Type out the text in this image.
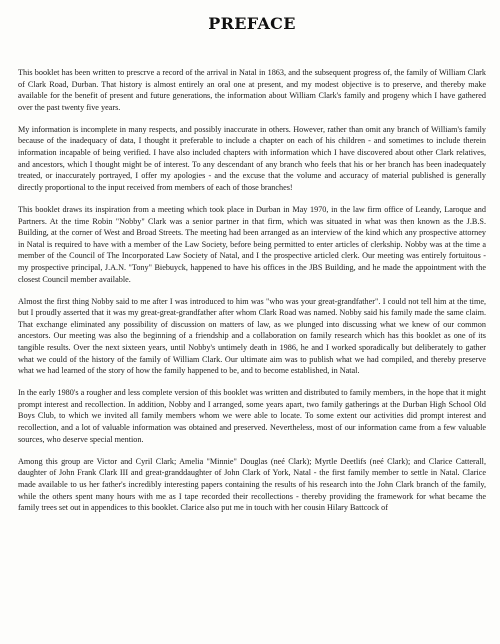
PREFACE

This booklet has been written to prescrve a record of the arrival in Natal in 1863, and the subsequent progress of, the family of William Clark of Clark Road, Durban. That history is almost entirely an oral one at present, and my modest objective is to preserve, and thereby make available for the benefit of present and future generations, the information about William Clark's family and progeny which I have gathered over the past twenty five years.

My information is incomplete in many respects, and possibly inaccurate in others. However, rather than omit any branch of William's family because of the inadequacy of data, I thought it preferable to include a chapter on each of his children - and sometimes to include therein information incapable of being verified. I have also included chapters with information which I have discovered about other Clark relatives, and ancestors, which I thought might be of interest. To any descendant of any branch who feels that his or her branch has been inadequately treated, or inaccurately portrayed, I offer my apologies - and the excuse that the volume and accuracy of material published is generally directly proportional to the input received from members of each of those branches!

This booklet draws its inspiration from a meeting which took place in Durban in May 1970, in the law firm office of Leandy, Laroque and Partners. At the time Robin "Nobby" Clark was a senior partner in that firm, which was situated in what was then known as the J.B.S. Building, at the corner of West and Broad Streets. The meeting had been arranged as an interview of the kind which any prospective attorney in Natal is required to have with a member of the Law Society, before being permitted to enter articles of clerkship. Nobby was at the time a member of the Council of The Incorporated Law Society of Natal, and I the prospective articled clerk. Our meeting was entirely fortuitous - my prospective principal, J.A.N. "Tony" Biebuyck, happened to have his offices in the JBS Building, and he made the appointment with the closest Council member available.

Almost the first thing Nobby said to me after I was introduced to him was "who was your great-grandfather". I could not tell him at the time, but I proudly asserted that it was my great-great-grandfather after whom Clark Road was named. Nobby said his family made the same claim. That exchange eliminated any possibility of discussion on matters of law, as we plunged into discussing what we knew of our common ancestors. Our meeting was also the beginning of a friendship and a collaboration on family research which has this booklet as one of its tangible results. Over the next sixteen years, until Nobby's untimely death in 1986, he and I worked sporadically but deliberately to gather what we could of the history of the family of William Clark. Our ultimate aim was to publish what we had compiled, and thereby preserve what we had learned of the story of how the family happened to be, and to become established, in Natal.

In the early 1980's a rougher and less complete version of this booklet was written and distributed to family members, in the hope that it might prompt interest and recollection. In addition, Nobby and I arranged, some years apart, two family gatherings at the Durban High School Old Boys Club, to which we invited all family members whom we were able to locate. To some extent our activities did prompt interest and recollection, and a lot of valuable information was obtained and preserved. Nevertheless, most of our information came from a few valuable sources, who deserve special mention.

Among this group are Victor and Cyril Clark; Amelia "Minnie" Douglas (neé Clark); Myrtle Deetlifs (neé Clark); and Clarice Catterall, daughter of John Frank Clark III and great-granddaughter of John Clark of York, Natal - the first family member to settle in Natal. Clarice made available to us her father's incredibly interesting papers containing the results of his research into the John Clark branch of the family, while the others spent many hours with me as I tape recorded their recollections - thereby providing the framework for what became the family trees set out in appendices to this booklet. Clarice also put me in touch with her cousin Hilary Battcock of
